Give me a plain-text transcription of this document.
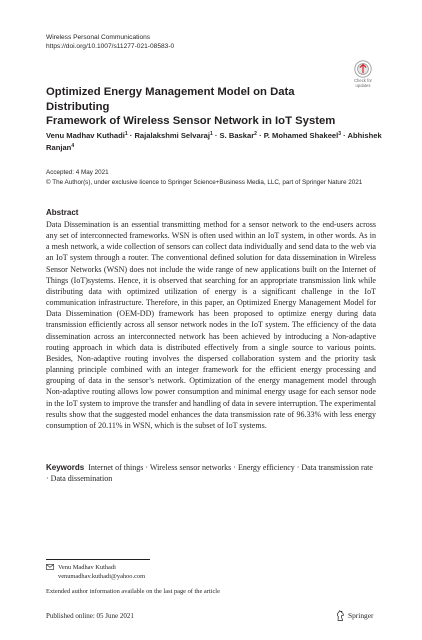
Wireless Personal Communications
https://doi.org/10.1007/s11277-021-08583-0
Check for
updates
Optimized Energy Management Model on Data Distributing
Framework of Wireless Sensor Network in IoT System
Venu Madhav Kuthadi$^1$ · Rajalakshmi Selvaraj$^1$ · S. Baskar$^2$ · P. Mohamed Shakeel$^3$ · Abhishek Ranjan$^4$
Accepted: 4 May 2021
© The Author(s), under exclusive licence to Springer Science+Business Media, LLC, part of Springer Nature 2021
Abstract
Data Dissemination is an essential transmitting method for a sensor network to the end-users across any set of interconnected frameworks. WSN is often used within an IoT system, in other words. As in a mesh network, a wide collection of sensors can collect data individually and send data to the web via an IoT system through a router. The conventional defined solution for data dissemination in Wireless Sensor Networks (WSN) does not include the wide range of new applications built on the Internet of Things (IoT)systems. Hence, it is observed that searching for an appropriate transmission link while distributing data with optimized utilization of energy is a significant challenge in the IoT communication infrastructure. Therefore, in this paper, an Optimized Energy Management Model for Data Dissemination (OEM-DD) framework has been proposed to optimize energy during data transmission efficiently across all sensor network nodes in the IoT system. The efficiency of the data dissemination across an interconnected network has been achieved by introducing a Non-adaptive routing approach in which data is distributed effectively from a single source to various points. Besides, Non-adaptive routing involves the dispersed collaboration system and the priority task planning principle combined with an integer framework for the efficient energy processing and grouping of data in the sensor’s network. Optimization of the energy management model through Non-adaptive routing allows low power consumption and minimal energy usage for each sensor node in the IoT system to improve the transfer and handling of data in severe interruption. The experimental results show that the suggested model enhances the data transmission rate of 96.33% with less energy consumption of 20.11% in WSN, which is the subset of IoT systems.
Keywords Internet of things · Wireless sensor networks · Energy efficiency · Data transmission rate · Data dissemination
Venu Madhav Kuthadi
venumadhav.kuthadi@yahoo.com
Extended author information available on the last page of the article
Published online: 05 June 2021	Springer
